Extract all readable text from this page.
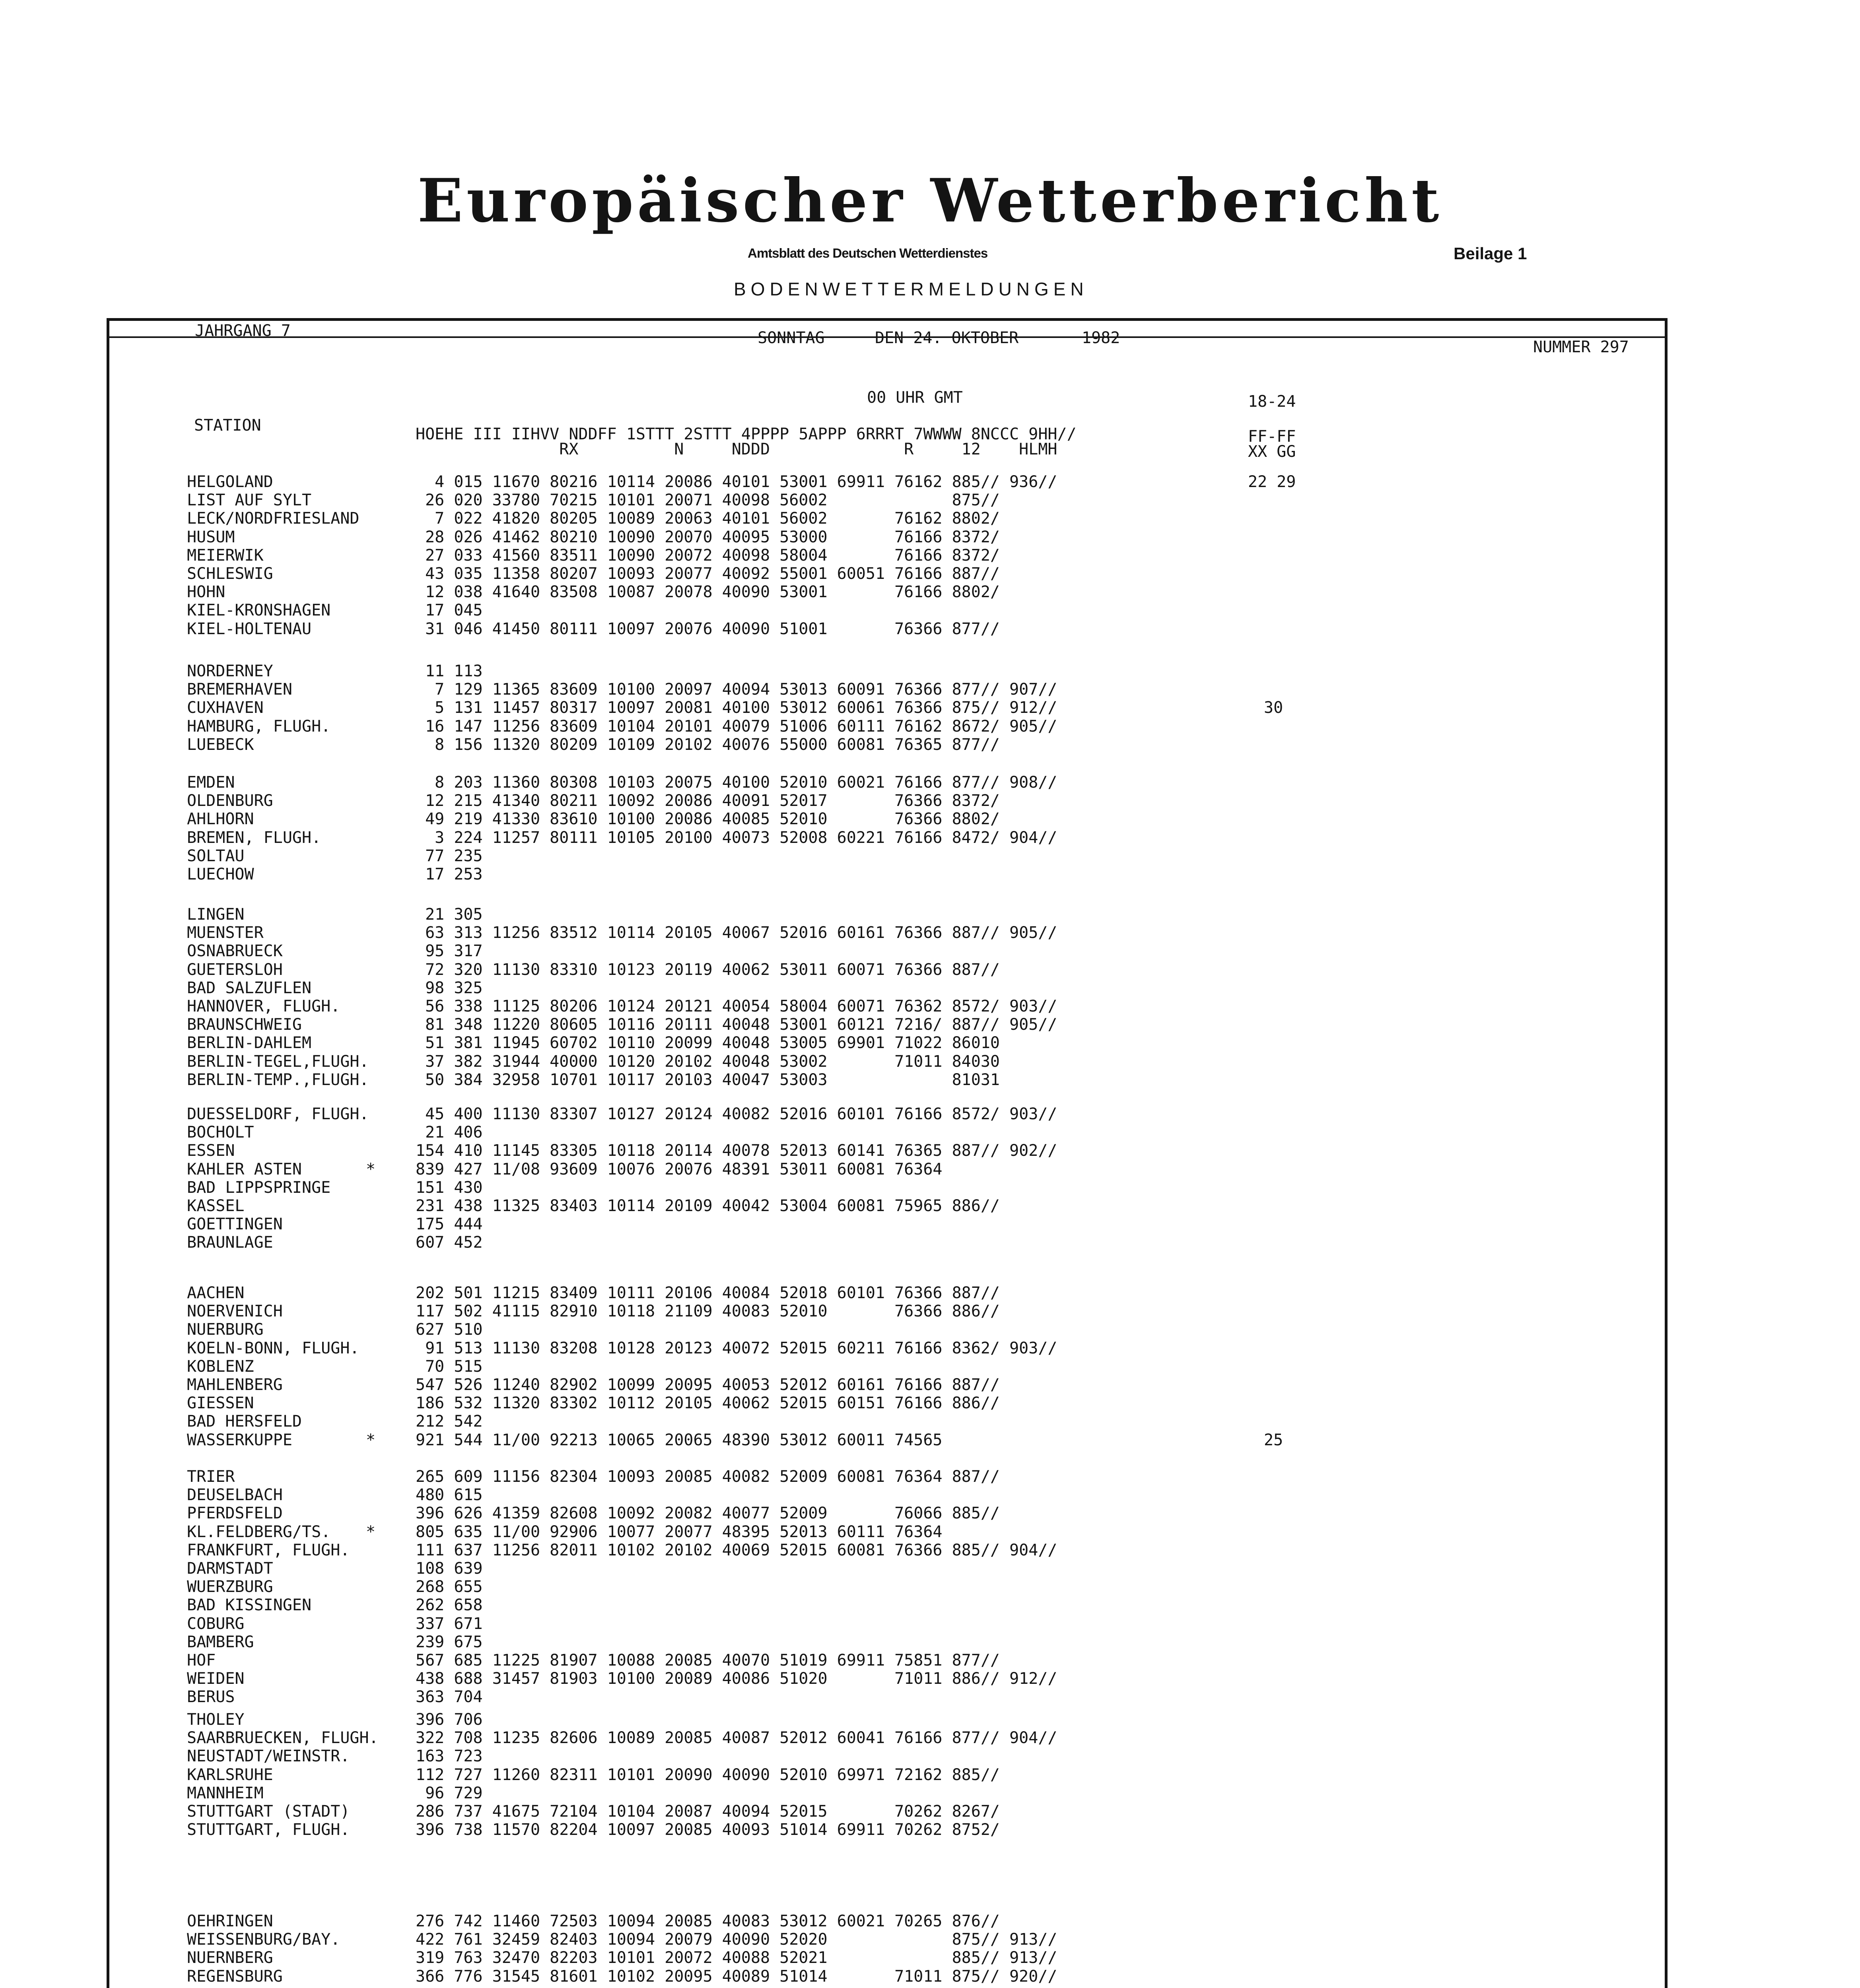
Europäischer Wetterbericht
Amtsblatt des Deutschen Wetterdienstes	Beilage 1
BODENWETTERMELDUNGEN
JAHRGANG 7	SONNTAG	DEN 24. OKTOBER	1982	NUMMER 297
00 UHR GMT	18-24
STATION	HOEHE III IIHVV NDDFF 1STTT 2STTT 4PPPP 5APPP 6RRRT 7WWWW 8NCCC 9HH//
RX          N     NDDD              R     12    HLMH
FF-FF
XX GG
HELGOLAND	4 015 11670 80216 10114 20086 40101 53001 69911 76162 885// 936//	22 29
LIST AUF SYLT	26 020 33780 70215 10101 20071 40098 56002             875//
LECK/NORDFRIESLAND	7 022 41820 80205 10089 20063 40101 56002       76162 8802/
HUSUM	28 026 41462 80210 10090 20070 40095 53000       76166 8372/
MEIERWIK	27 033 41560 83511 10090 20072 40098 58004       76166 8372/
SCHLESWIG	43 035 11358 80207 10093 20077 40092 55001 60051 76166 887//
HOHN	12 038 41640 83508 10087 20078 40090 53001       76166 8802/
KIEL-KRONSHAGEN	17 045
KIEL-HOLTENAU	31 046 41450 80111 10097 20076 40090 51001       76366 877//
NORDERNEY	11 113
BREMERHAVEN	7 129 11365 83609 10100 20097 40094 53013 60091 76366 877// 907//
CUXHAVEN	5 131 11457 80317 10097 20081 40100 53012 60061 76366 875// 912//	30
HAMBURG, FLUGH.	16 147 11256 83609 10104 20101 40079 51006 60111 76162 8672/ 905//
LUEBECK	8 156 11320 80209 10109 20102 40076 55000 60081 76365 877//
EMDEN	8 203 11360 80308 10103 20075 40100 52010 60021 76166 877// 908//
OLDENBURG	12 215 41340 80211 10092 20086 40091 52017       76366 8372/
AHLHORN	49 219 41330 83610 10100 20086 40085 52010       76366 8802/
BREMEN, FLUGH.	3 224 11257 80111 10105 20100 40073 52008 60221 76166 8472/ 904//
SOLTAU	77 235
LUECHOW	17 253
LINGEN	21 305
MUENSTER	63 313 11256 83512 10114 20105 40067 52016 60161 76366 887// 905//
OSNABRUECK	95 317
GUETERSLOH	72 320 11130 83310 10123 20119 40062 53011 60071 76366 887//
BAD SALZUFLEN	98 325
HANNOVER, FLUGH.	56 338 11125 80206 10124 20121 40054 58004 60071 76362 8572/ 903//
BRAUNSCHWEIG	81 348 11220 80605 10116 20111 40048 53001 60121 7216/ 887// 905//
BERLIN-DAHLEM	51 381 11945 60702 10110 20099 40048 53005 69901 71022 86010
BERLIN-TEGEL,FLUGH.	37 382 31944 40000 10120 20102 40048 53002       71011 84030
BERLIN-TEMP.,FLUGH.	50 384 32958 10701 10117 20103 40047 53003             81031
DUESSELDORF, FLUGH.	45 400 11130 83307 10127 20124 40082 52016 60101 76166 8572/ 903//
BOCHOLT	21 406
ESSEN	154 410 11145 83305 10118 20114 40078 52013 60141 76365 887// 902//
KAHLER ASTEN	*	839 427 11/08 93609 10076 20076 48391 53011 60081 76364
BAD LIPPSPRINGE	151 430
KASSEL	231 438 11325 83403 10114 20109 40042 53004 60081 75965 886//
GOETTINGEN	175 444
BRAUNLAGE	607 452
AACHEN	202 501 11215 83409 10111 20106 40084 52018 60101 76366 887//
NOERVENICH	117 502 41115 82910 10118 21109 40083 52010       76366 886//
NUERBURG	627 510
KOELN-BONN, FLUGH.	91 513 11130 83208 10128 20123 40072 52015 60211 76166 8362/ 903//
KOBLENZ	70 515
MAHLENBERG	547 526 11240 82902 10099 20095 40053 52012 60161 76166 887//
GIESSEN	186 532 11320 83302 10112 20105 40062 52015 60151 76166 886//
BAD HERSFELD	212 542
WASSERKUPPE	*	921 544 11/00 92213 10065 20065 48390 53012 60011 74565	25
TRIER	265 609 11156 82304 10093 20085 40082 52009 60081 76364 887//
DEUSELBACH	480 615
PFERDSFELD	396 626 41359 82608 10092 20082 40077 52009       76066 885//
KL.FELDBERG/TS. *	805 635 11/00 92906 10077 20077 48395 52013 60111 76364
FRANKFURT, FLUGH.	111 637 11256 82011 10102 20102 40069 52015 60081 76366 885// 904//
DARMSTADT	108 639
WUERZBURG	268 655
BAD KISSINGEN	262 658
COBURG	337 671
BAMBERG	239 675
HOF	567 685 11225 81907 10088 20085 40070 51019 69911 75851 877//
WEIDEN	438 688 31457 81903 10100 20089 40086 51020       71011 886// 912//
BERUS	363 704
THOLEY	396 706
SAARBRUECKEN, FLUGH. 322 708 11235 82606 10089 20085 40087 52012 60041 76166 877// 904//
NEUSTADT/WEINSTR.	163 723
KARLSRUHE	112 727 11260 82311 10101 20090 40090 52010 69971 72162 885//
MANNHEIM	96 729
STUTTGART (STADT)	286 737 41675 72104 10104 20087 40094 52015       70262 8267/
STUTTGART, FLUGH.	396 738 11570 82204 10097 20085 40093 51014 69911 70262 8752/
OEHRINGEN	276 742 11460 72503 10094 20085 40083 53012 60021 70265 876//
WEISSENBURG/BAY.	422 761 32459 82403 10094 20079 40090 52020             875// 913//
NUERNBERG	319 763 32470 82203 10101 20072 40088 52021             885// 913//
REGENSBURG	366 776 31545 81601 10102 20095 40089 51014       71011 875// 920//
